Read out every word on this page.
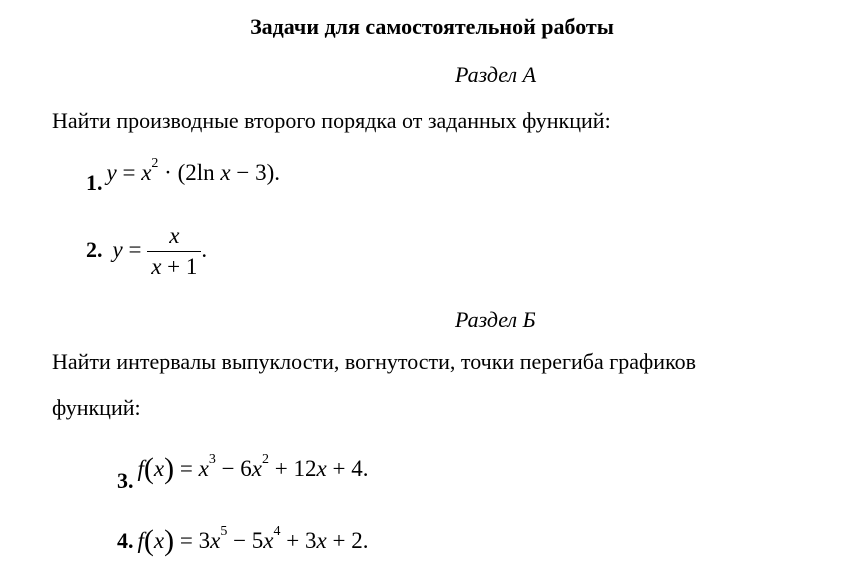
Задачи для самостоятельной работы
Раздел А
Найти производные второго порядка от заданных функций:
1. $y = x^2 \cdot (2\ln$ x − 3).
2. $y = \frac{x}{x + 1}$ .
Раздел Б
Найти интервалы выпуклости, вогнутости, точки перегиба графиков
функций:
3. $f(x) = x^3 - 6x^2 + 12x + 4$.
4. $f(x) = 3x^5 - 5x^4 + 3x + 2$.
